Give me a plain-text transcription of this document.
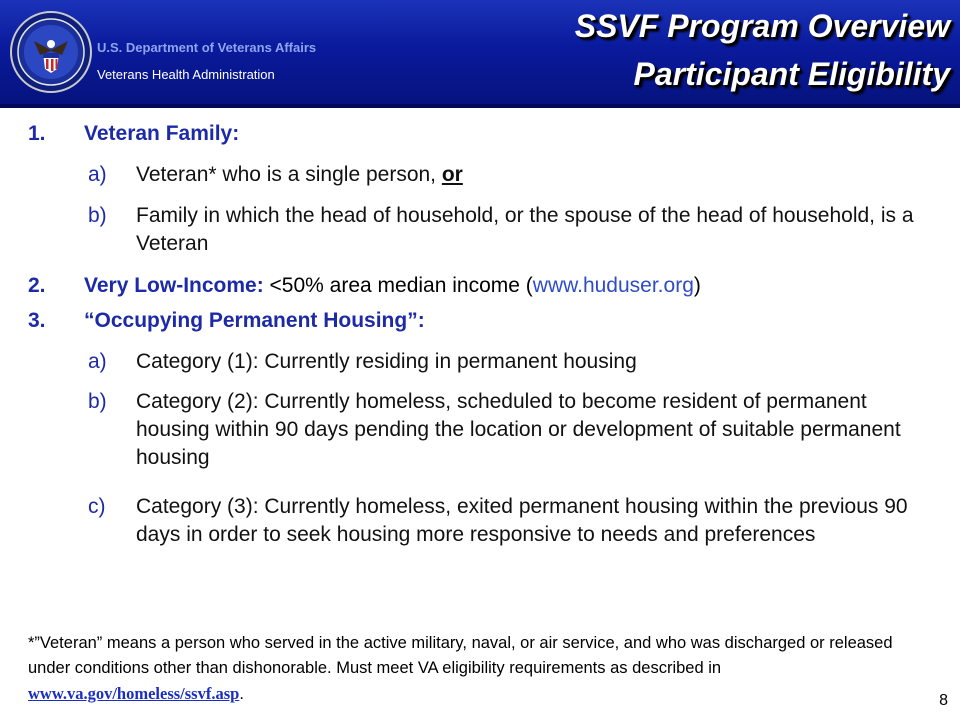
U.S. Department of Veterans Affairs
Veterans Health Administration
SSVF Program Overview
Participant Eligibility
1. Veteran Family:
a) Veteran* who is a single person, or
b) Family in which the head of household, or the spouse of the head of household, is a Veteran
2. Very Low-Income: <50% area median income (www.huduser.org)
3. “Occupying Permanent Housing”:
a) Category (1): Currently residing in permanent housing
b) Category (2): Currently homeless, scheduled to become resident of permanent housing within 90 days pending the location or development of suitable permanent housing
c) Category (3): Currently homeless, exited permanent housing within the previous 90 days in order to seek housing more responsive to needs and preferences
*”Veteran” means a person who served in the active military, naval, or air service, and who was discharged or released under conditions other than dishonorable. Must meet VA eligibility requirements as described in www.va.gov/homeless/ssvf.asp.	8
